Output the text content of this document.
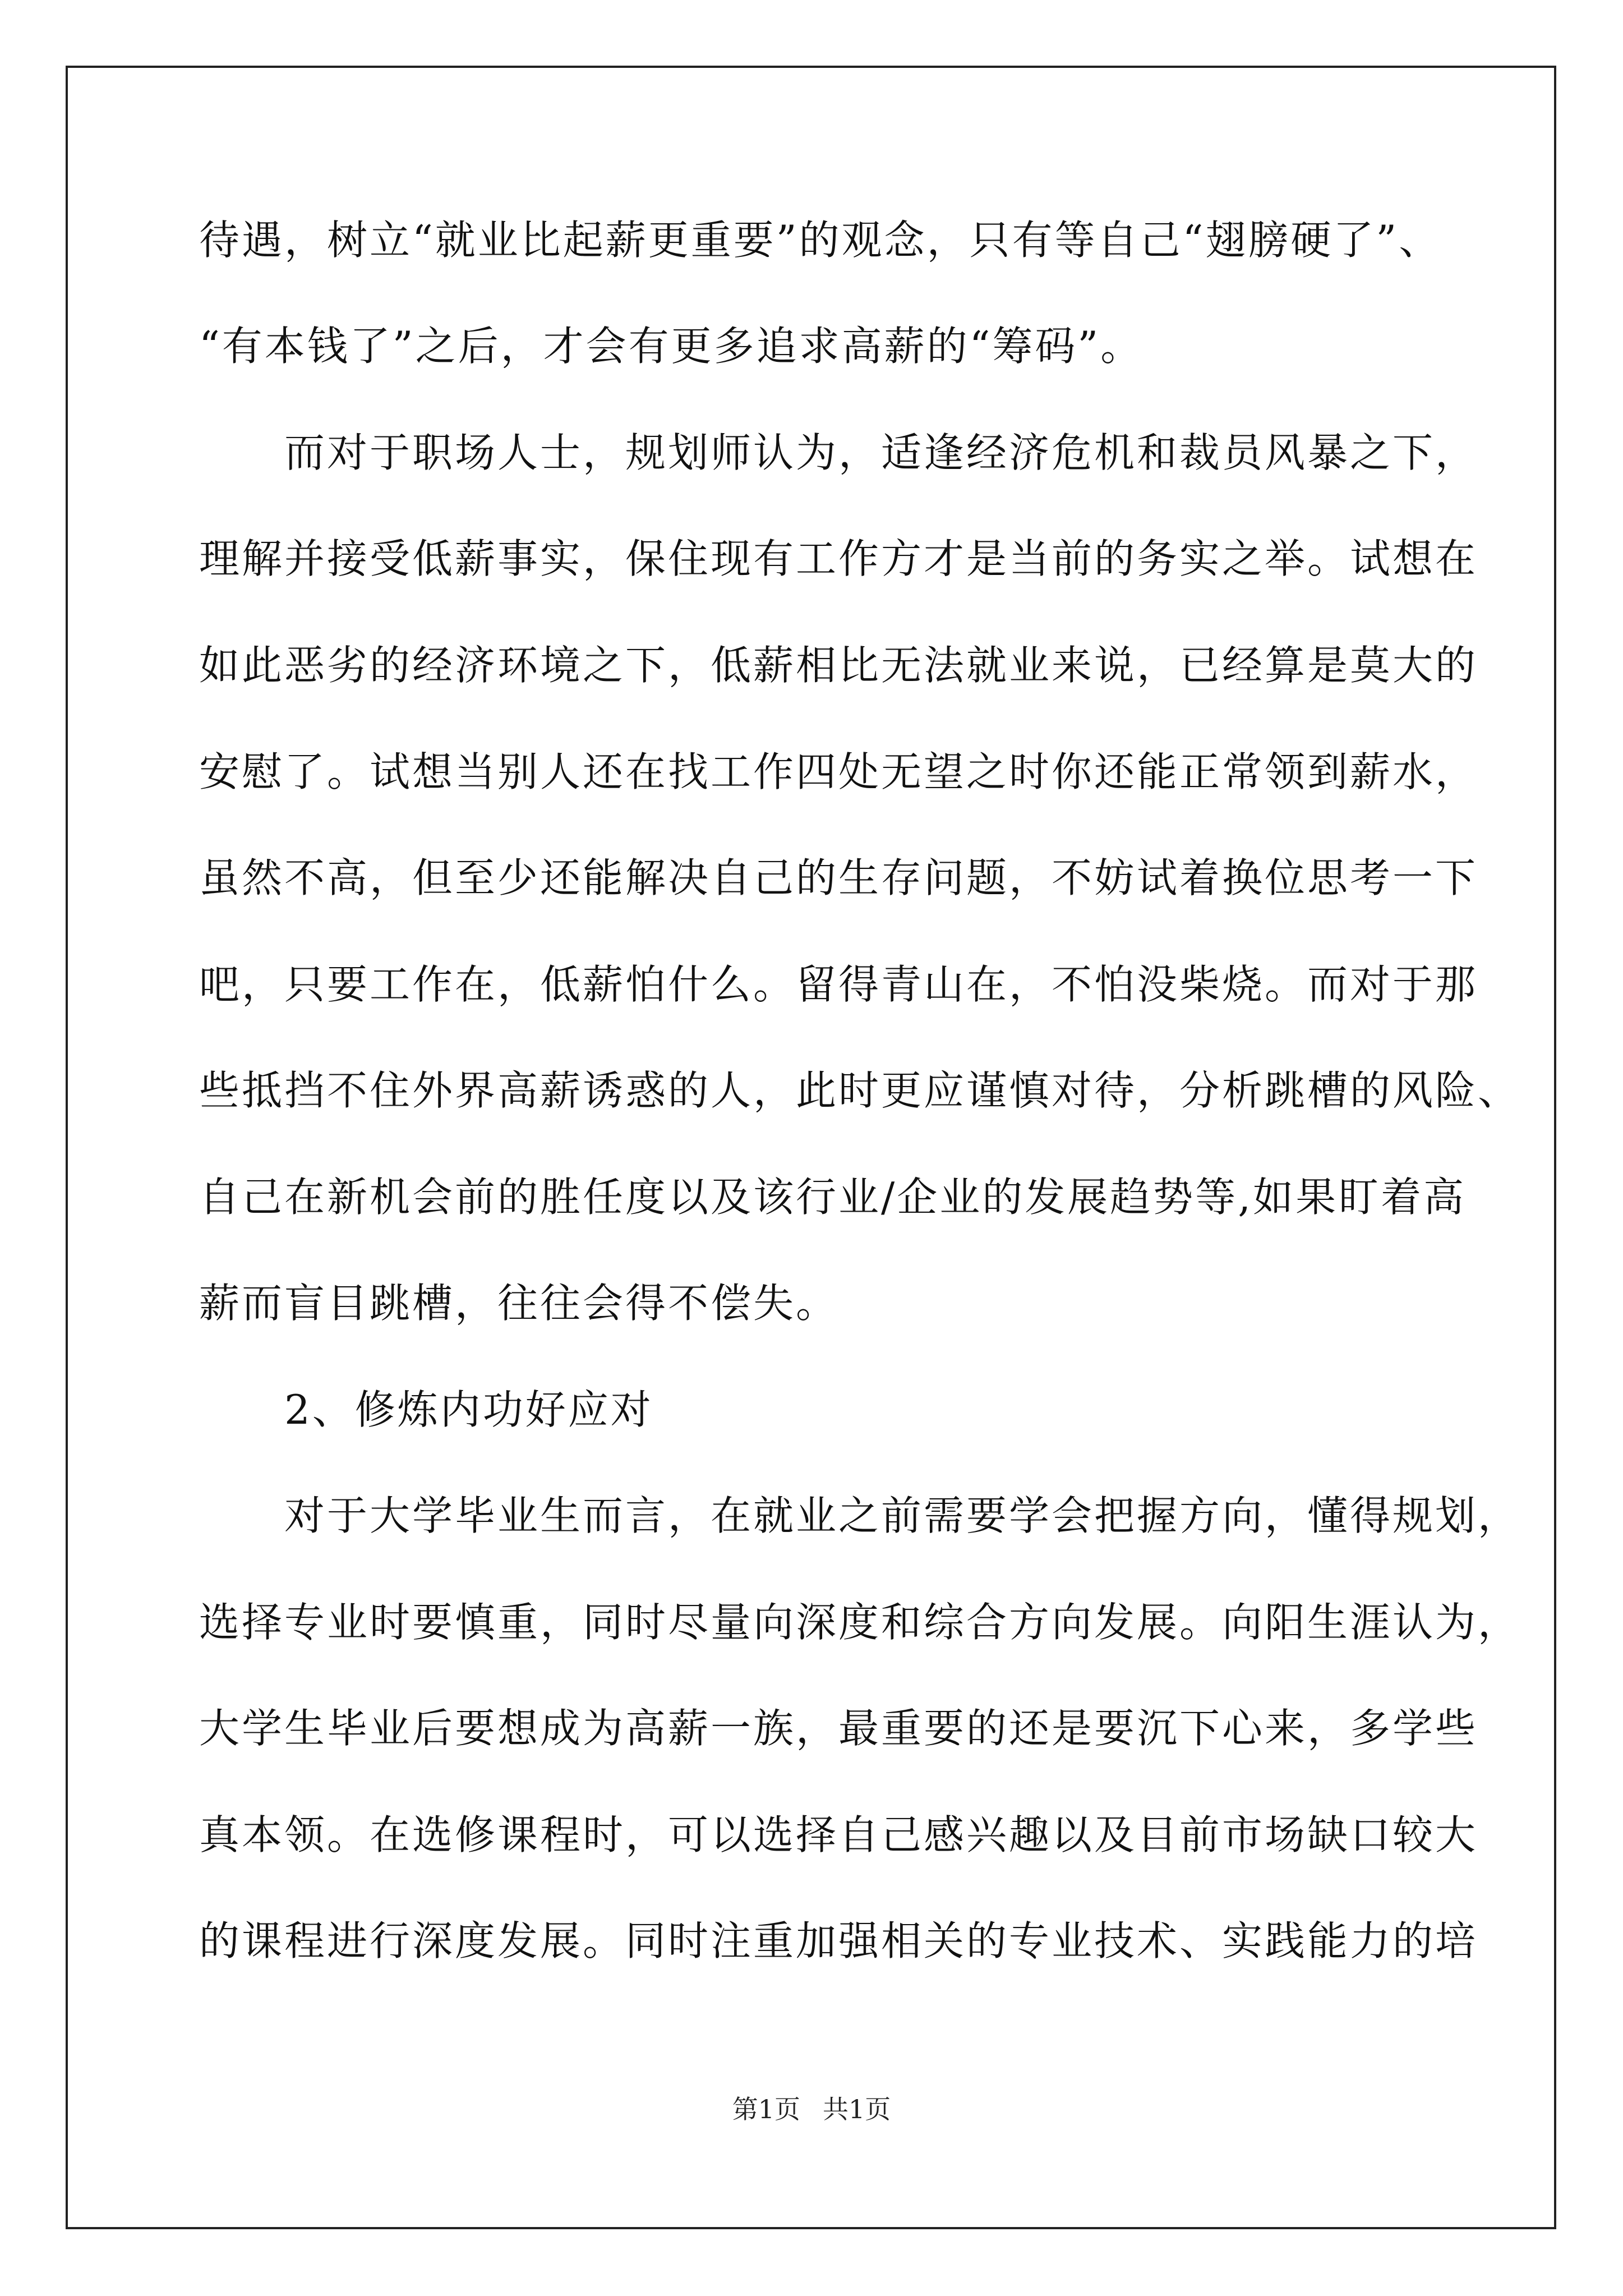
待遇，树立“就业比起薪更重要”的观念，只有等自己“翅膀硬了”、
“有本钱了”之后，才会有更多追求高薪的“筹码”。
　　而对于职场人士，规划师认为，适逢经济危机和裁员风暴之下，
理解并接受低薪事实，保住现有工作方才是当前的务实之举。试想在
如此恶劣的经济环境之下，低薪相比无法就业来说，已经算是莫大的
安慰了。试想当别人还在找工作四处无望之时你还能正常领到薪水，
虽然不高，但至少还能解决自己的生存问题，不妨试着换位思考一下
吧，只要工作在，低薪怕什么。留得青山在，不怕没柴烧。而对于那
些抵挡不住外界高薪诱惑的人，此时更应谨慎对待，分析跳槽的风险、
自己在新机会前的胜任度以及该行业/企业的发展趋势等,如果盯着高
薪而盲目跳槽，往往会得不偿失。
　　2、修炼内功好应对
　　对于大学毕业生而言，在就业之前需要学会把握方向，懂得规划，
选择专业时要慎重，同时尽量向深度和综合方向发展。向阳生涯认为，
大学生毕业后要想成为高薪一族，最重要的还是要沉下心来，多学些
真本领。在选修课程时，可以选择自己感兴趣以及目前市场缺口较大
的课程进行深度发展。同时注重加强相关的专业技术、实践能力的培
第1页 共1页
